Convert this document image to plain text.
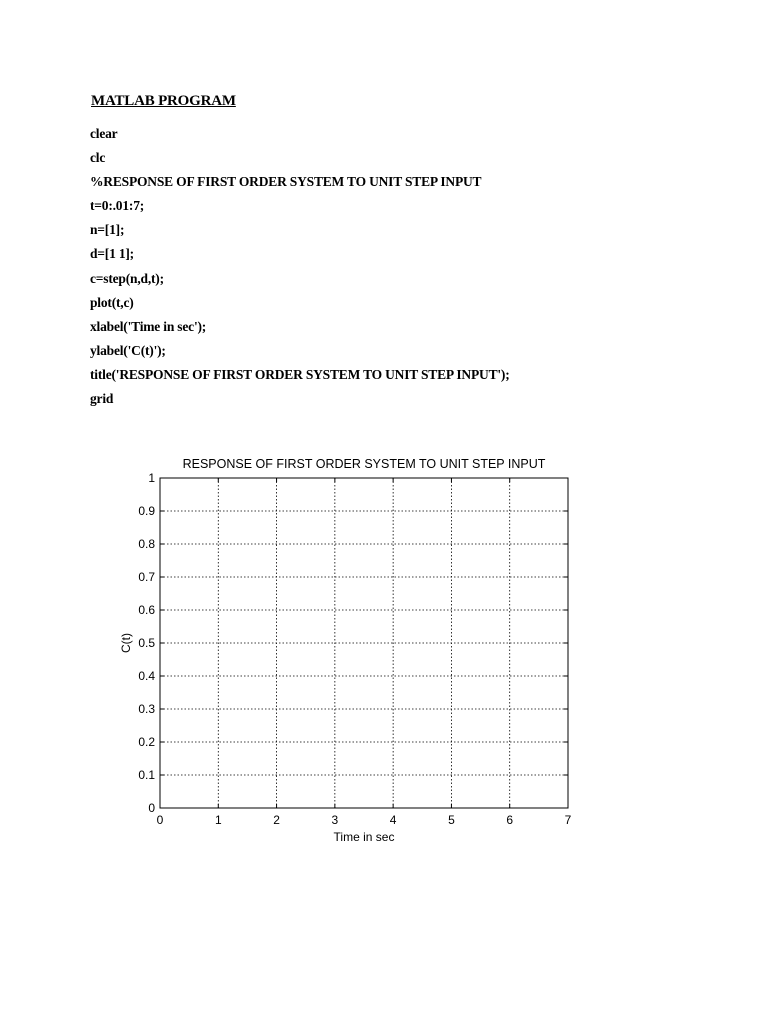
MATLAB PROGRAM
clear
clc
%RESPONSE OF FIRST ORDER SYSTEM TO UNIT STEP INPUT
t=0:.01:7;
n=[1];
d=[1 1];
c=step(n,d,t);
plot(t,c)
xlabel('Time in sec');
ylabel('C(t)');
title('RESPONSE OF FIRST ORDER SYSTEM TO UNIT STEP INPUT');
grid
0	1	2	3	4	5	6	7
0
0.1
0.2
0.3
0.4
0.5
0.6
0.7
0.8
0.9
1
RESPONSE OF FIRST ORDER SYSTEM TO UNIT STEP INPUT
Time in sec
C(t)
